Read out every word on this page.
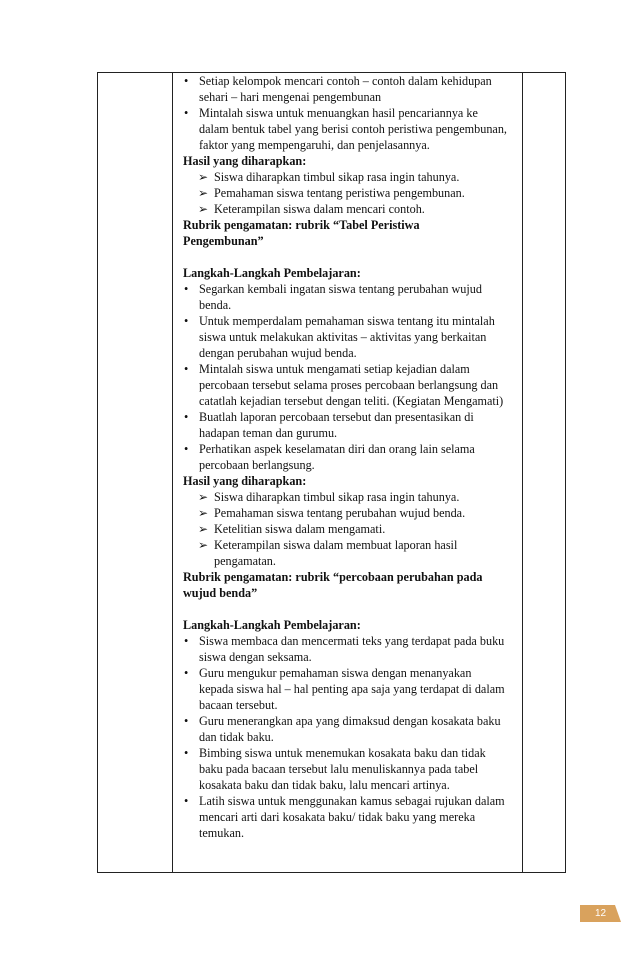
• Setiap kelompok mencari contoh – contoh dalam kehidupan
sehari – hari mengenai pengembunan
• Mintalah siswa untuk menuangkan hasil pencariannya ke
dalam bentuk tabel yang berisi contoh peristiwa pengembunan,
faktor yang mempengaruhi, dan penjelasannya.
Hasil yang diharapkan:
➢ Siswa diharapkan timbul sikap rasa ingin tahunya.
➢ Pemahaman siswa tentang peristiwa pengembunan.
➢ Keterampilan siswa dalam mencari contoh.
Rubrik pengamatan: rubrik “Tabel Peristiwa
Pengembunan”
Langkah-Langkah Pembelajaran:
• Segarkan kembali ingatan siswa tentang perubahan wujud
benda.
• Untuk memperdalam pemahaman siswa tentang itu mintalah
siswa untuk melakukan aktivitas – aktivitas yang berkaitan
dengan perubahan wujud benda.
• Mintalah siswa untuk mengamati setiap kejadian dalam
percobaan tersebut selama proses percobaan berlangsung dan
catatlah kejadian tersebut dengan teliti. (Kegiatan Mengamati)
• Buatlah laporan percobaan tersebut dan presentasikan di
hadapan teman dan gurumu.
• Perhatikan aspek keselamatan diri dan orang lain selama
percobaan berlangsung.
Hasil yang diharapkan:
➢ Siswa diharapkan timbul sikap rasa ingin tahunya.
➢ Pemahaman siswa tentang perubahan wujud benda.
➢ Ketelitian siswa dalam mengamati.
➢ Keterampilan siswa dalam membuat laporan hasil
pengamatan.
Rubrik pengamatan: rubrik “percobaan perubahan pada
wujud benda”
Langkah-Langkah Pembelajaran:
• Siswa membaca dan mencermati teks yang terdapat pada buku
siswa dengan seksama.
• Guru mengukur pemahaman siswa dengan menanyakan
kepada siswa hal – hal penting apa saja yang terdapat di dalam
bacaan tersebut.
• Guru menerangkan apa yang dimaksud dengan kosakata baku
dan tidak baku.
• Bimbing siswa untuk menemukan kosakata baku dan tidak
baku pada bacaan tersebut lalu menuliskannya pada tabel
kosakata baku dan tidak baku, lalu mencari artinya.
• Latih siswa untuk menggunakan kamus sebagai rujukan dalam
mencari arti dari kosakata baku/ tidak baku yang mereka
temukan.
12
